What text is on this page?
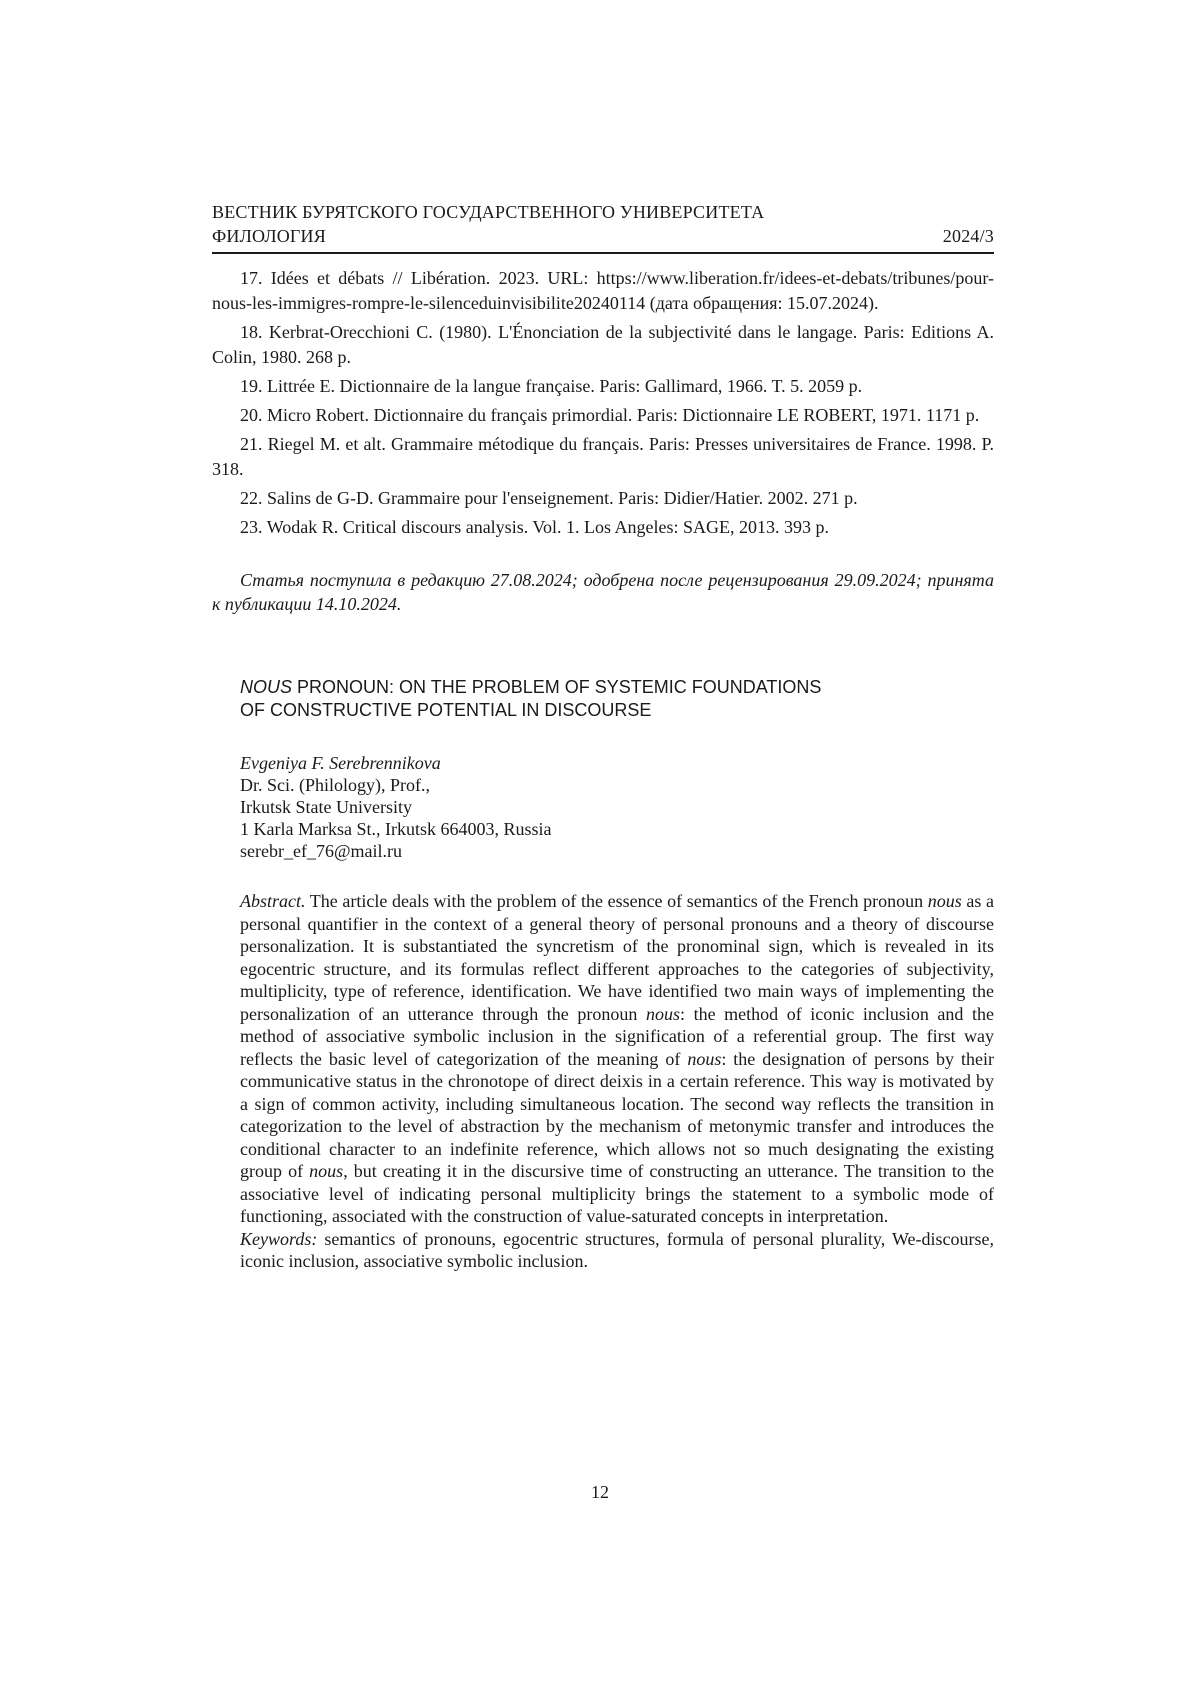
ВЕСТНИК БУРЯТСКОГО ГОСУДАРСТВЕННОГО УНИВЕРСИТЕТА
ФИЛОЛОГИЯ	2024/3

17. Idées et débats // Libération. 2023. URL: https://www.liberation.fr/idees-et-debats/tribunes/pour-nous-les-immigres-rompre-le-silenceduinvisibilite20240114 (дата обращения: 15.07.2024).

18. Kerbrat-Orecchioni C. (1980). L'Énonciation de la subjectivité dans le langage. Paris: Editions A. Colin, 1980. 268 p.

19. Littrée E. Dictionnaire de la langue française. Paris: Gallimard, 1966. T. 5. 2059 p.

20. Micro Robert. Dictionnaire du français primordial. Paris: Dictionnaire LE ROBERT, 1971. 1171 p.

21. Riegel M. et alt. Grammaire métodique du français. Paris: Presses universitaires de France. 1998. P. 318.

22. Salins de G-D. Grammaire pour l'enseignement. Paris: Didier/Hatier. 2002. 271 p.

23. Wodak R. Critical discours analysis. Vol. 1. Los Angeles: SAGE, 2013. 393 p.

Статья поступила в редакцию 27.08.2024; одобрена после рецензирования 29.09.2024; принята к публикации 14.10.2024.
NOUS PRONOUN: ON THE PROBLEM OF SYSTEMIC FOUNDATIONS
OF CONSTRUCTIVE POTENTIAL IN DISCOURSE
Evgeniya F. Serebrennikova
Dr. Sci. (Philology), Prof.,
Irkutsk State University
1 Karla Marksa St., Irkutsk 664003, Russia
serebr_ef_76@mail.ru
Abstract. The article deals with the problem of the essence of semantics of the French pronoun nous as a personal quantifier in the context of a general theory of personal pronouns and a theory of discourse personalization. It is substantiated the syncretism of the pronominal sign, which is revealed in its egocentric structure, and its formulas reflect different approaches to the categories of subjectivity, multiplicity, type of reference, identification. We have identified two main ways of implementing the personalization of an utterance through the pronoun nous: the method of iconic inclusion and the method of associative symbolic inclusion in the signification of a referential group. The first way reflects the basic level of categorization of the meaning of nous: the designation of persons by their communicative status in the chronotope of direct deixis in a certain reference. This way is motivated by a sign of common activity, including simultaneous location. The second way reflects the transition in categorization to the level of abstraction by the mechanism of metonymic transfer and introduces the conditional character to an indefinite reference, which allows not so much designating the existing group of nous, but creating it in the discursive time of constructing an utterance. The transition to the associative level of indicating personal multiplicity brings the statement to a symbolic mode of functioning, associated with the construction of value-saturated concepts in interpretation.
Keywords: semantics of pronouns, egocentric structures, formula of personal plurality, We-discourse, iconic inclusion, associative symbolic inclusion.
12
